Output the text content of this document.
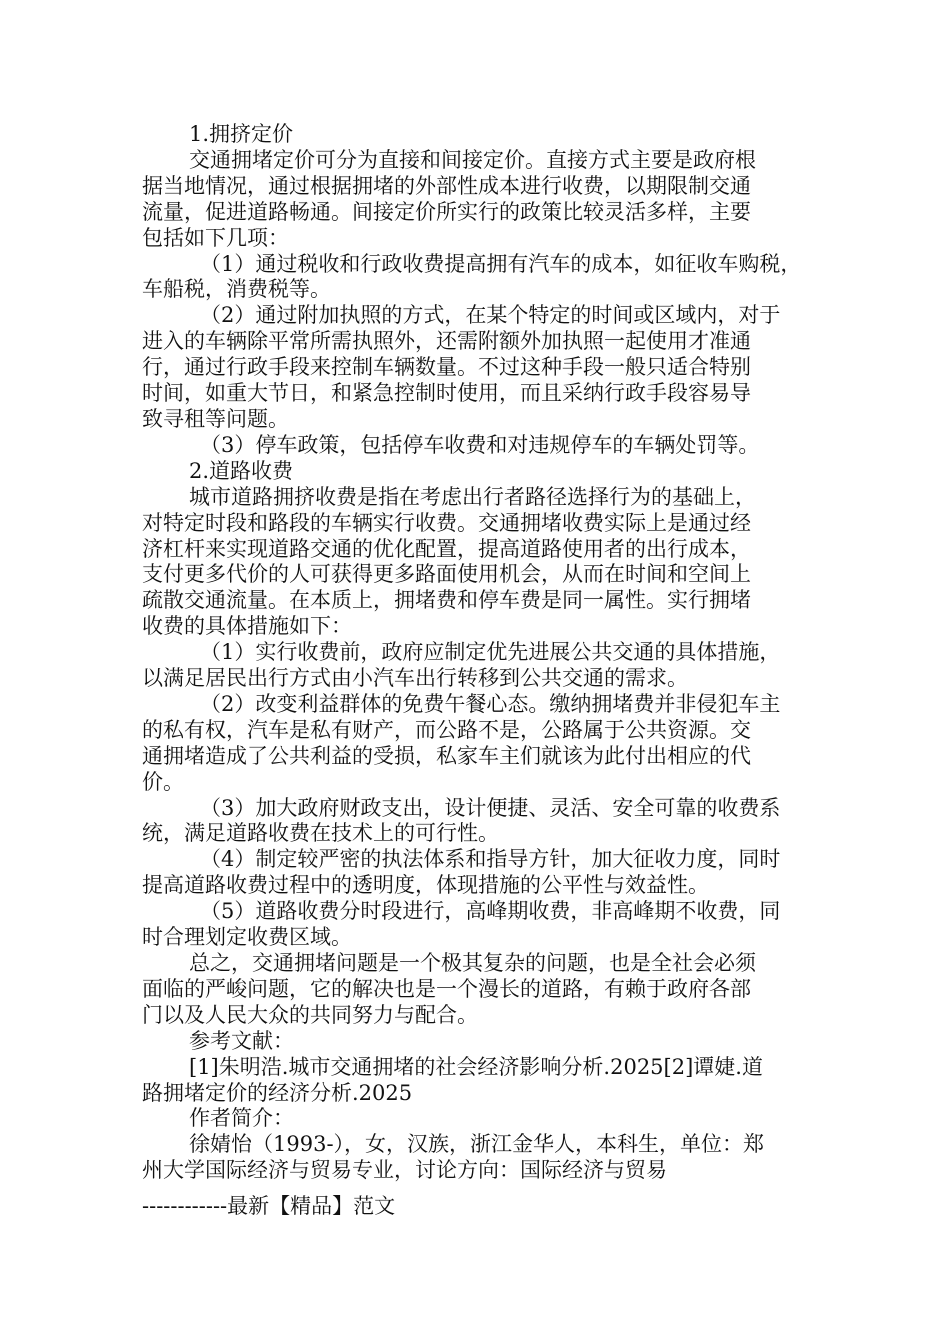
1.拥挤定价
交通拥堵定价可分为直接和间接定价。直接方式主要是政府根
据当地情况，通过根据拥堵的外部性成本进行收费，以期限制交通
流量，促进道路畅通。间接定价所实行的政策比较灵活多样，主要
包括如下几项：
（1）通过税收和行政收费提高拥有汽车的成本，如征收车购税，
车船税，消费税等。
（2）通过附加执照的方式，在某个特定的时间或区域内，对于
进入的车辆除平常所需执照外，还需附额外加执照一起使用才准通
行，通过行政手段来控制车辆数量。不过这种手段一般只适合特别
时间，如重大节日，和紧急控制时使用，而且采纳行政手段容易导
致寻租等问题。
（3）停车政策，包括停车收费和对违规停车的车辆处罚等。
2.道路收费
城市道路拥挤收费是指在考虑出行者路径选择行为的基础上，
对特定时段和路段的车辆实行收费。交通拥堵收费实际上是通过经
济杠杆来实现道路交通的优化配置，提高道路使用者的出行成本，
支付更多代价的人可获得更多路面使用机会，从而在时间和空间上
疏散交通流量。在本质上，拥堵费和停车费是同一属性。实行拥堵
收费的具体措施如下：
（1）实行收费前，政府应制定优先进展公共交通的具体措施，
以满足居民出行方式由小汽车出行转移到公共交通的需求。
（2）改变利益群体的免费午餐心态。缴纳拥堵费并非侵犯车主
的私有权，汽车是私有财产，而公路不是，公路属于公共资源。交
通拥堵造成了公共利益的受损，私家车主们就该为此付出相应的代
价。
（3）加大政府财政支出，设计便捷、灵活、安全可靠的收费系
统，满足道路收费在技术上的可行性。
（4）制定较严密的执法体系和指导方针，加大征收力度，同时
提高道路收费过程中的透明度，体现措施的公平性与效益性。
（5）道路收费分时段进行，高峰期收费，非高峰期不收费，同
时合理划定收费区域。
总之，交通拥堵问题是一个极其复杂的问题，也是全社会必须
面临的严峻问题，它的解决也是一个漫长的道路，有赖于政府各部
门以及人民大众的共同努力与配合。
参考文献：
[1]朱明浩.城市交通拥堵的社会经济影响分析.2025[2]谭婕.道
路拥堵定价的经济分析.2025
作者简介：
徐婧怡（1993-），女，汉族，浙江金华人，本科生，单位：郑
州大学国际经济与贸易专业，讨论方向：国际经济与贸易
------------最新【精品】范文
